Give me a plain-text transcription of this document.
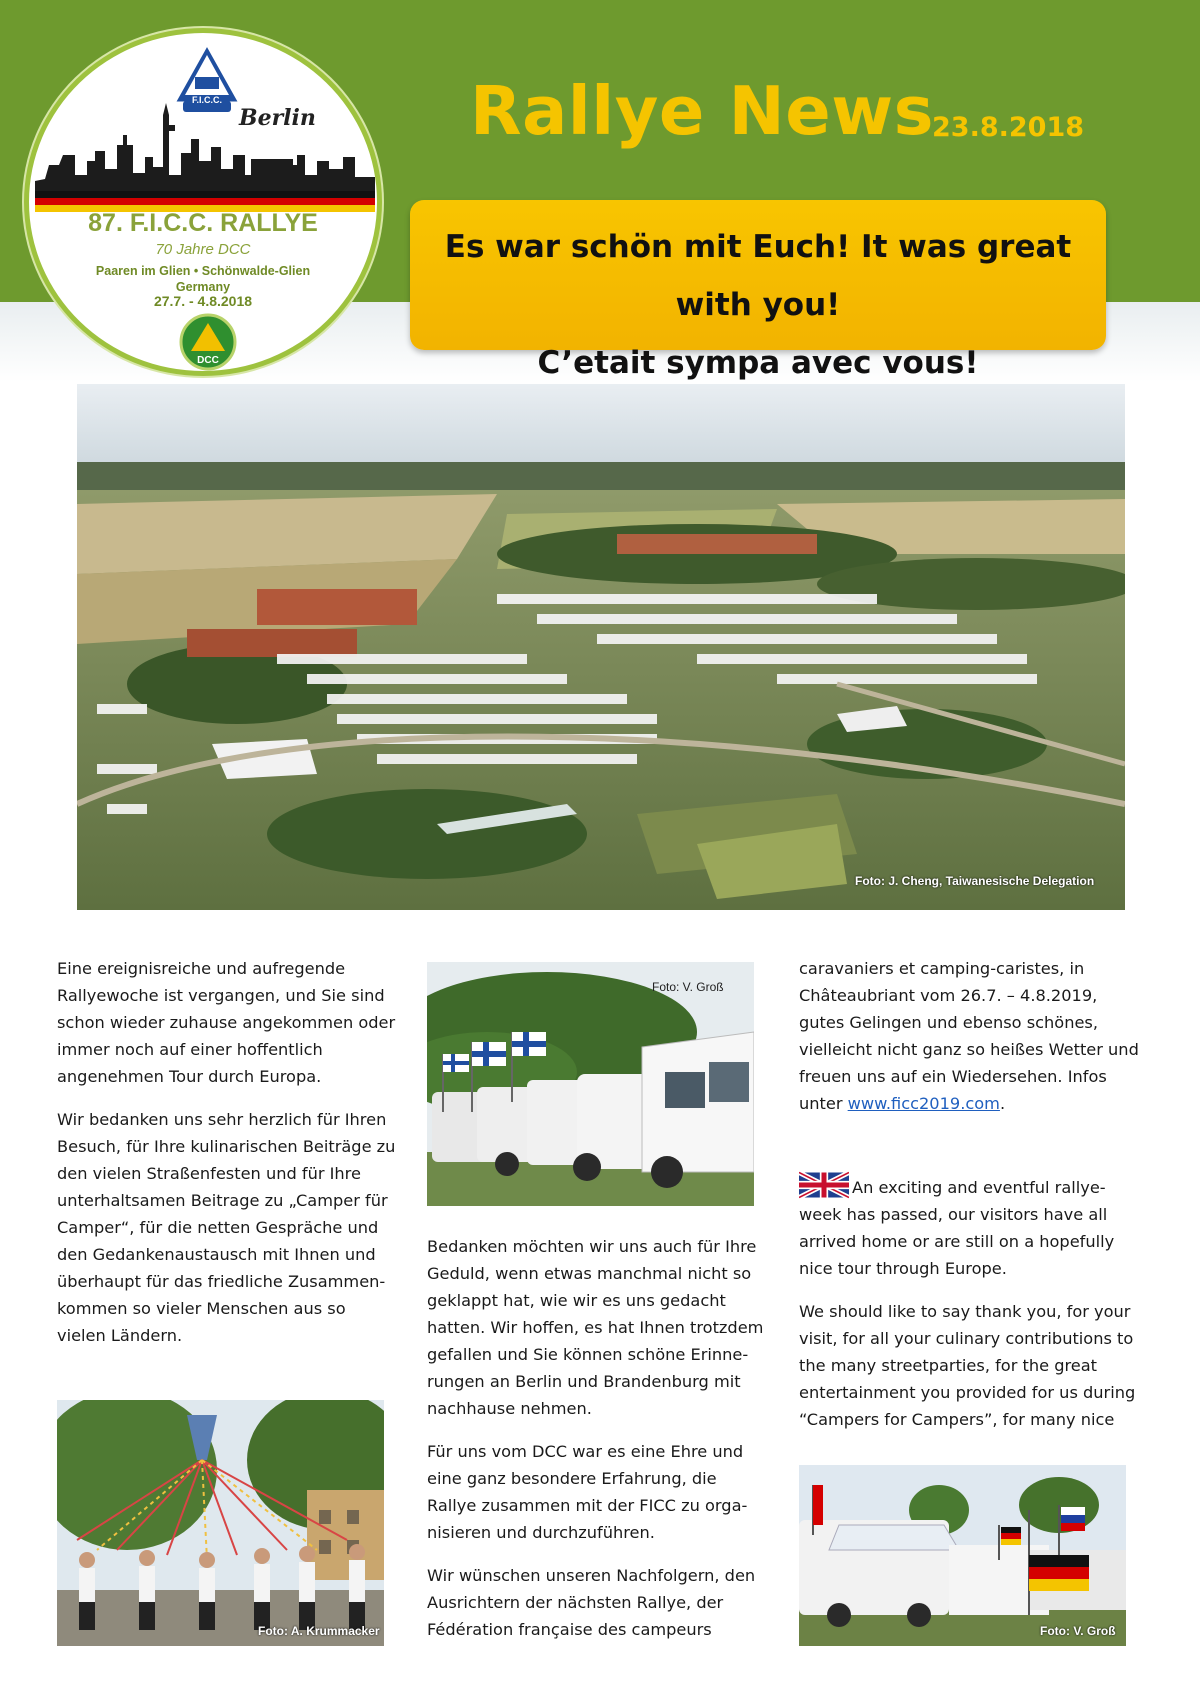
F.I.C.C.
Berlin
87. F.I.C.C. RALLYE
70 Jahre DCC
Paaren im Glien • Schönwalde-Glien
Germany
27.7. - 4.8.2018
DCC
Rallye News
23.8.2018
Es war schön mit Euch! It was great with you!
C’etait sympa avec vous!
Foto: J. Cheng, Taiwanesische Delegation

Eine ereignisreiche und aufregende Rallyewoche ist vergangen, und Sie sind schon wieder zuhause angekommen oder immer noch auf einer hoffentlich angenehmen Tour durch Europa.

Wir bedanken uns sehr herzlich für Ihren Besuch, für Ihre kulinarischen Beiträge zu den vielen Straßenfesten und für Ihre unterhaltsamen Beitrage zu „Camper für Camper“, für die netten Gespräche und den Gedankenaustausch mit Ihnen und überhaupt für das friedliche Zusammen-kommen so vieler Menschen aus so vielen Ländern.

Foto: A. Krummacker
Foto: V. Groß

Bedanken möchten wir uns auch für Ihre Geduld, wenn etwas manchmal nicht so geklappt hat, wie wir es uns gedacht hatten. Wir hoffen, es hat Ihnen trotzdem gefallen und Sie können schöne Erinne-rungen an Berlin und Brandenburg mit nachhause nehmen.

Für uns vom DCC war es eine Ehre und eine ganz besondere Erfahrung, die Rallye zusammen mit der FICC zu orga-nisieren und durchzuführen.

Wir wünschen unseren Nachfolgern, den Ausrichtern der nächsten Rallye, der Fédération française des campeurs

caravaniers et camping-caristes, in Châteaubriant vom 26.7. – 4.8.2019, gutes Gelingen und ebenso schönes, vielleicht nicht ganz so heißes Wetter und freuen uns auf ein Wiedersehen. Infos unter www.ficc2019.com.

An exciting and eventful rallye-week has passed, our visitors have all arrived home or are still on a hopefully nice tour through Europe.

We should like to say thank you, for your visit, for all your culinary contributions to the many streetparties, for the great entertainment you provided for us during “Campers for Campers”, for many nice

Foto: V. Groß
